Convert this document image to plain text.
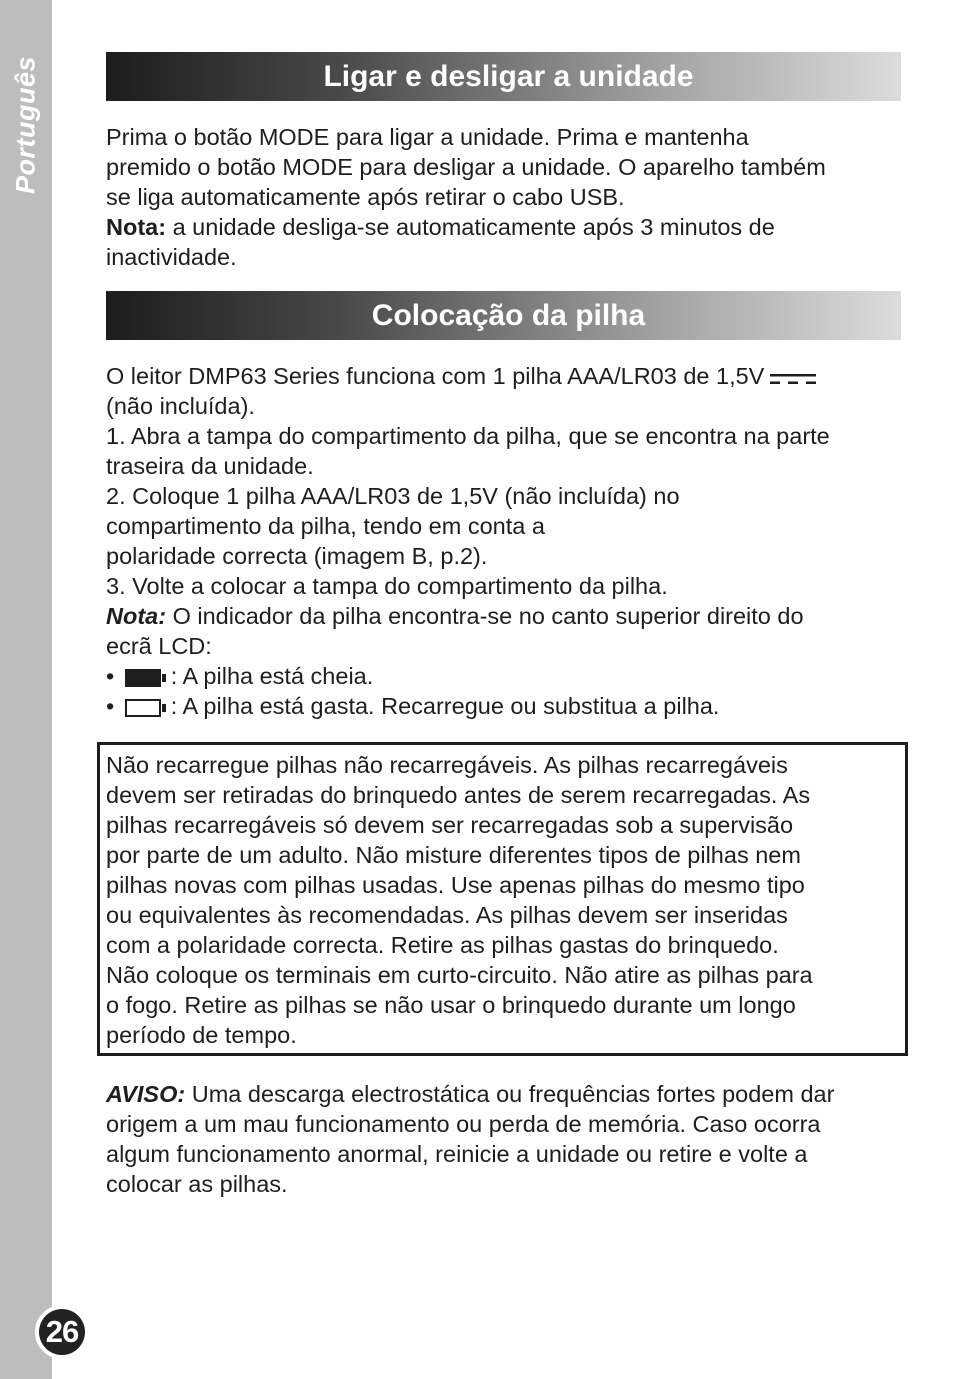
Português
26
Ligar e desligar a unidade

Prima o botão MODE para ligar a unidade. Prima e mantenha

premido o botão MODE para desligar a unidade. O aparelho também

se liga automaticamente após retirar o cabo USB.

Nota: a unidade desliga-se automaticamente após 3 minutos de

inactividade.

Colocação da pilha

O leitor DMP63 Series funciona com 1 pilha AAA/LR03 de 1,5V

(não incluída).

1. Abra a tampa do compartimento da pilha, que se encontra na parte

traseira da unidade.

2. Coloque 1 pilha AAA/LR03 de 1,5V (não incluída) no

compartimento da pilha, tendo em conta a

polaridade correcta (imagem B, p.2).

3. Volte a colocar a tampa do compartimento da pilha.

Nota: O indicador da pilha encontra-se no canto superior direito do

ecrã LCD:

•
: A pilha está cheia.

•
: A pilha está gasta. Recarregue ou substitua a pilha.

Não recarregue pilhas não recarregáveis. As pilhas recarregáveis
devem ser retiradas do brinquedo antes de serem recarregadas. As
pilhas recarregáveis só devem ser recarregadas sob a supervisão
por parte de um adulto. Não misture diferentes tipos de pilhas nem
pilhas novas com pilhas usadas. Use apenas pilhas do mesmo tipo
ou equivalentes às recomendadas. As pilhas devem ser inseridas
com a polaridade correcta. Retire as pilhas gastas do brinquedo.
Não coloque os terminais em curto-circuito. Não atire as pilhas para
o fogo. Retire as pilhas se não usar o brinquedo durante um longo
período de tempo.

AVISO: Uma descarga electrostática ou frequências fortes podem dar

origem a um mau funcionamento ou perda de memória. Caso ocorra

algum funcionamento anormal, reinicie a unidade ou retire e volte a

colocar as pilhas.
